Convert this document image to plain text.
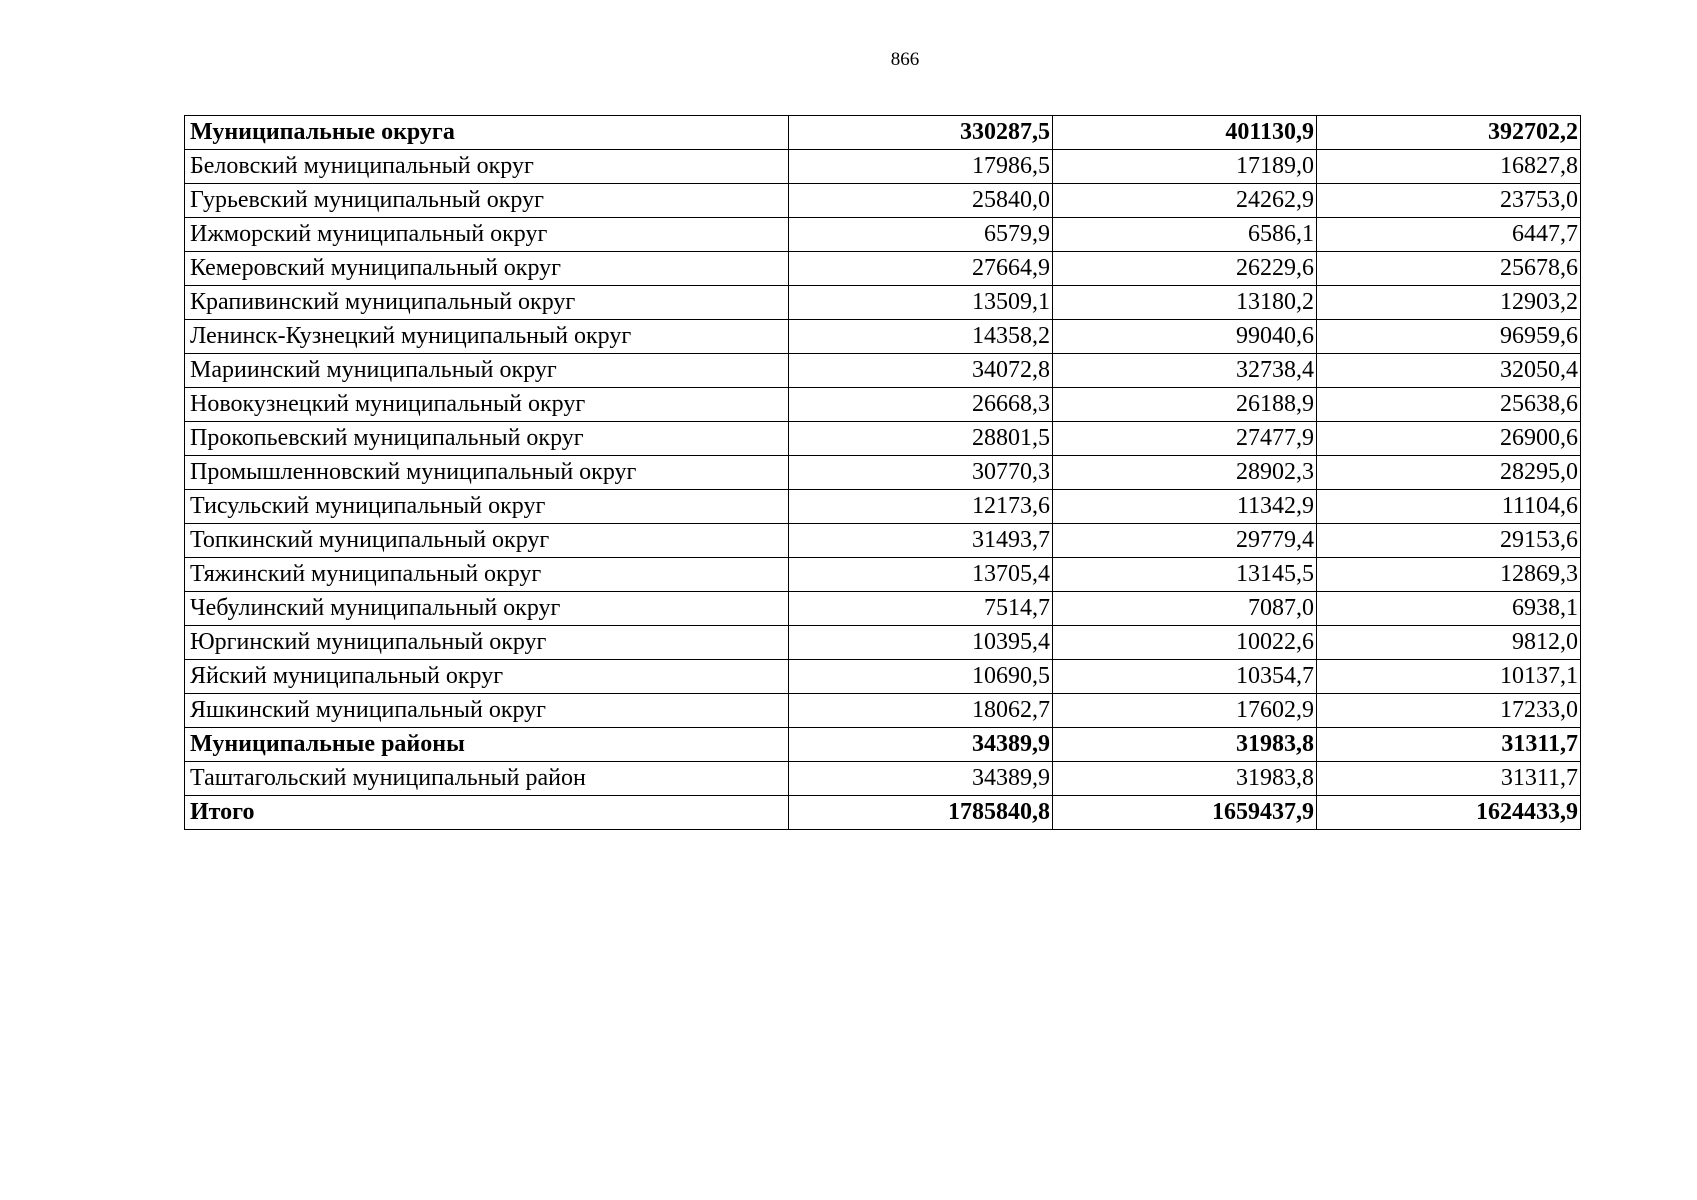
866
Муниципальные округа	330287,5	401130,9	392702,2
Беловский муниципальный округ	17986,5	17189,0	16827,8
Гурьевский муниципальный округ	25840,0	24262,9	23753,0
Ижморский муниципальный округ	6579,9	6586,1	6447,7
Кемеровский муниципальный округ	27664,9	26229,6	25678,6
Крапивинский муниципальный округ	13509,1	13180,2	12903,2
Ленинск-Кузнецкий муниципальный округ	14358,2	99040,6	96959,6
Мариинский муниципальный округ	34072,8	32738,4	32050,4
Новокузнецкий муниципальный округ	26668,3	26188,9	25638,6
Прокопьевский муниципальный округ	28801,5	27477,9	26900,6
Промышленновский муниципальный округ	30770,3	28902,3	28295,0
Тисульский муниципальный округ	12173,6	11342,9	11104,6
Топкинский муниципальный округ	31493,7	29779,4	29153,6
Тяжинский муниципальный округ	13705,4	13145,5	12869,3
Чебулинский муниципальный округ	7514,7	7087,0	6938,1
Юргинский муниципальный округ	10395,4	10022,6	9812,0
Яйский муниципальный округ	10690,5	10354,7	10137,1
Яшкинский муниципальный округ	18062,7	17602,9	17233,0
Муниципальные районы	34389,9	31983,8	31311,7
Таштагольский муниципальный район	34389,9	31983,8	31311,7
Итого	1785840,8	1659437,9	1624433,9
